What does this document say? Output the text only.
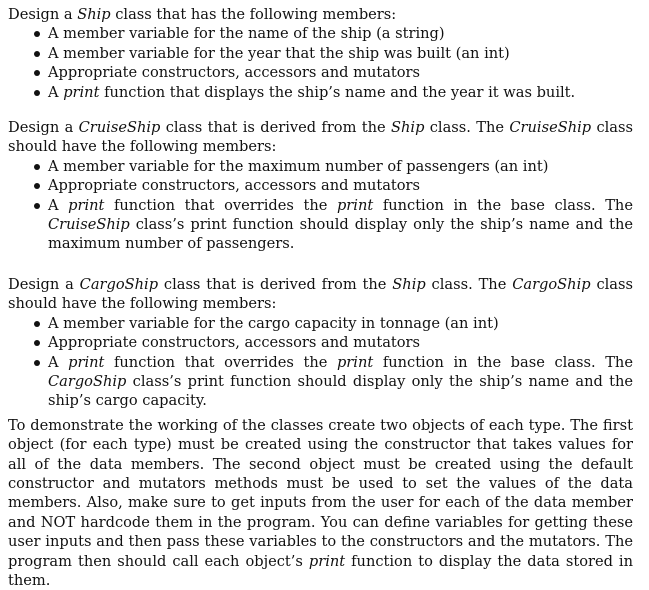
Design a Ship class that has the following members:

A member variable for the name of the ship (a string)
A member variable for the year that the ship was built (an int)
Appropriate constructors, accessors and mutators
A print function that displays the ship’s name and the year it was built.

Design a CruiseShip class that is derived from the Ship class. The CruiseShip class should have the following members:

A member variable for the maximum number of passengers (an int)
Appropriate constructors, accessors and mutators
A print function that overrides the print function in the base class. The CruiseShip class’s print function should display only the ship’s name and the maximum number of passengers.

Design a CargoShip class that is derived from the Ship class. The CargoShip class should have the following members:

A member variable for the cargo capacity in tonnage (an int)
Appropriate constructors, accessors and mutators
A print function that overrides the print function in the base class. The CargoShip class’s print function should display only the ship’s name and the ship’s cargo capacity.

To demonstrate the working of the classes create two objects of each type. The first object (for each type) must be created using the constructor that takes values for all of the data members. The second object must be created using the default constructor and mutators methods must be used to set the values of the data members. Also, make sure to get inputs from the user for each of the data member and NOT hardcode them in the program. You can define variables for getting these user inputs and then pass these variables to the constructors and the mutators. The program then should call each object’s print function to display the data stored in them.
